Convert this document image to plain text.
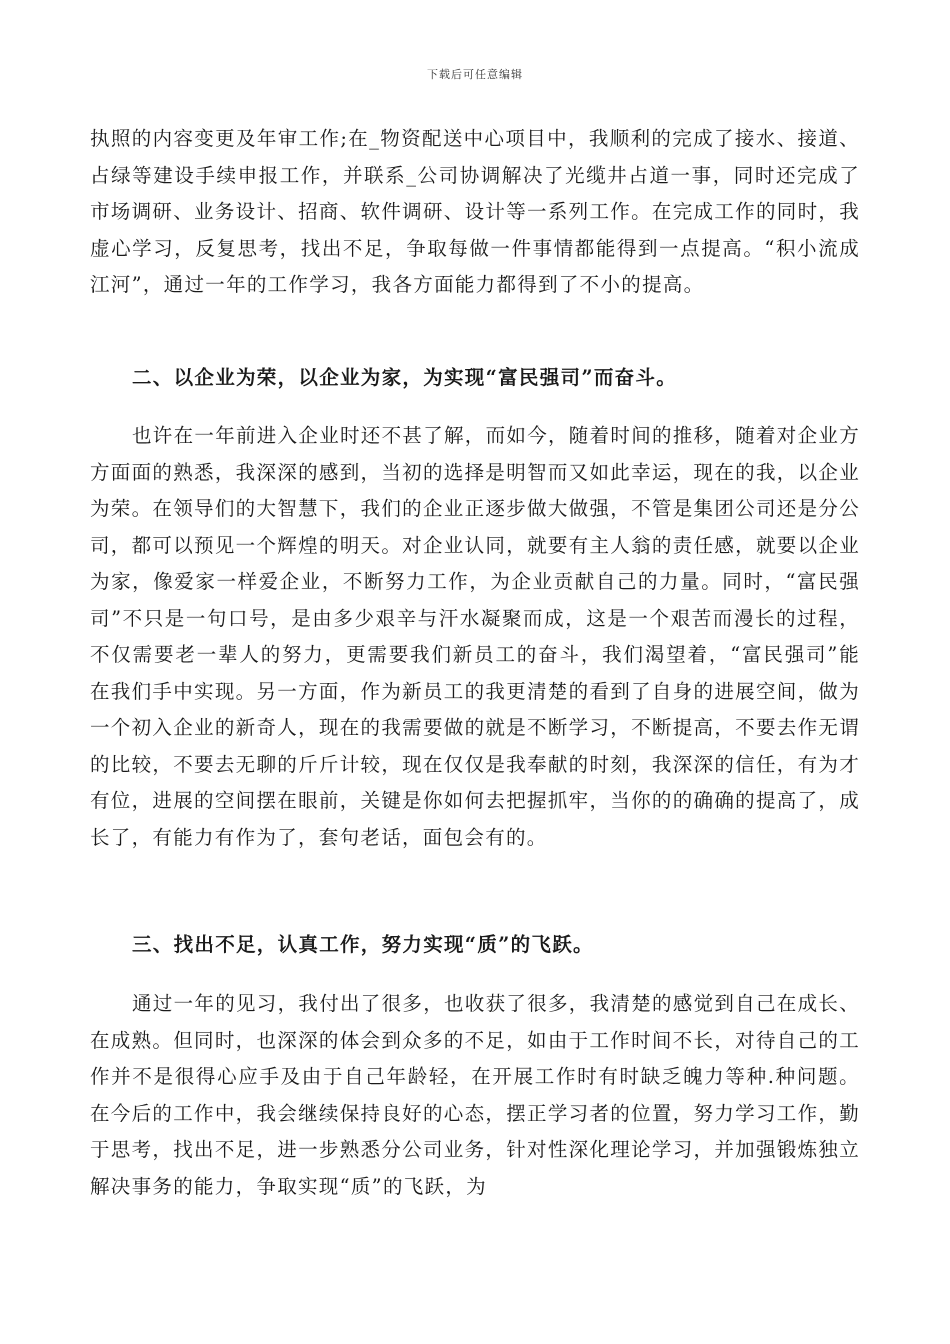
下载后可任意编辑

执照的内容变更及年审工作;在_物资配送中心项目中，我顺利的完成了接水、接道、占绿等建设手续申报工作，并联系_公司协调解决了光缆井占道一事，同时还完成了市场调研、业务设计、招商、软件调研、设计等一系列工作。在完成工作的同时，我虚心学习，反复思考，找出不足，争取每做一件事情都能得到一点提高。“积小流成江河”，通过一年的工作学习，我各方面能力都得到了不小的提高。

二、以企业为荣，以企业为家，为实现“富民强司”而奋斗。

也许在一年前进入企业时还不甚了解，而如今，随着时间的推移，随着对企业方方面面的熟悉，我深深的感到，当初的选择是明智而又如此幸运，现在的我，以企业为荣。在领导们的大智慧下，我们的企业正逐步做大做强，不管是集团公司还是分公司，都可以预见一个辉煌的明天。对企业认同，就要有主人翁的责任感，就要以企业为家，像爱家一样爱企业，不断努力工作，为企业贡献自己的力量。同时，“富民强司”不只是一句口号，是由多少艰辛与汗水凝聚而成，这是一个艰苦而漫长的过程，不仅需要老一辈人的努力，更需要我们新员工的奋斗，我们渴望着，“富民强司”能在我们手中实现。另一方面，作为新员工的我更清楚的看到了自身的进展空间，做为一个初入企业的新奇人，现在的我需要做的就是不断学习，不断提高，不要去作无谓的比较，不要去无聊的斤斤计较，现在仅仅是我奉献的时刻，我深深的信任，有为才有位，进展的空间摆在眼前，关键是你如何去把握抓牢，当你的的确确的提高了，成长了，有能力有作为了，套句老话，面包会有的。

三、找出不足，认真工作，努力实现“质”的飞跃。

通过一年的见习，我付出了很多，也收获了很多，我清楚的感觉到自己在成长、在成熟。但同时，也深深的体会到众多的不足，如由于工作时间不长，对待自己的工作并不是很得心应手及由于自己年龄轻，在开展工作时有时缺乏魄力等种.种问题。在今后的工作中，我会继续保持良好的心态，摆正学习者的位置，努力学习工作，勤于思考，找出不足，进一步熟悉分公司业务，针对性深化理论学习，并加强锻炼独立解决事务的能力，争取实现“质”的飞跃，为
